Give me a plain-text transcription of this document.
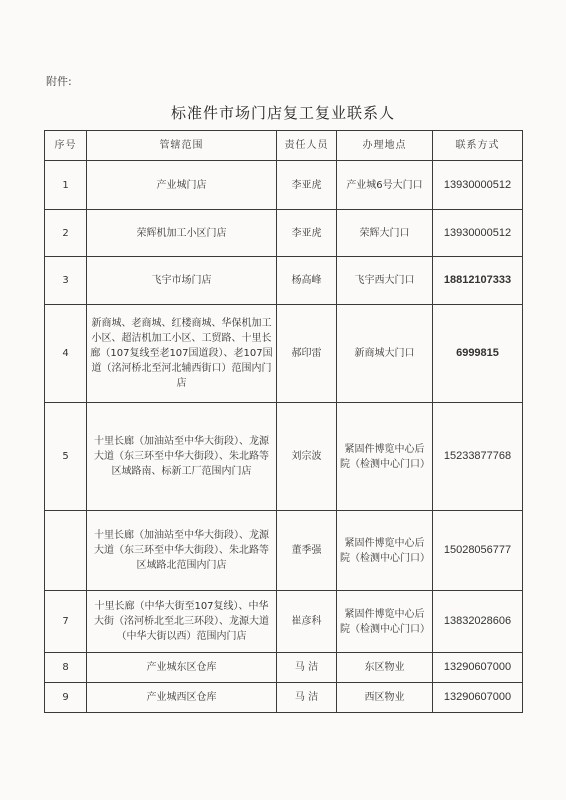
附件:
标准件市场门店复工复业联系人
序号	管辖范围	责任人员	办理地点	联系方式
1	产业城门店	李亚虎	产业城6号大门口	13930000512
2	荣辉机加工小区门店	李亚虎	荣辉大门口	13930000512
3	飞宇市场门店	杨高峰	飞宇西大门口	18812107333
4	新商城、老商城、红楼商城、华保机加工小区、超洁机加工小区、工贸路、十里长廊（107复线至老107国道段）、老107国道（洺河桥北至河北辅西街口）范围内门店	郝印雷	新商城大门口	6999815
5	十里长廊（加油站至中华大街段）、龙源大道（东三环至中华大街段）、朱北路等区域路南、标新工厂范围内门店	刘宗波	紧固件博览中心后院（检测中心门口）	15233877768
	十里长廊（加油站至中华大街段）、龙源大道（东三环至中华大街段）、朱北路等区域路北范围内门店	董季强	紧固件博览中心后院（检测中心门口）	15028056777
7	十里长廊（中华大街至107复线）、中华大街（洺河桥北至北三环段）、龙源大道（中华大街以西）范围内门店	崔彦科	紧固件博览中心后院（检测中心门口）	13832028606
8	产业城东区仓库	马 洁	东区物业	13290607000
9	产业城西区仓库	马 洁	西区物业	13290607000
